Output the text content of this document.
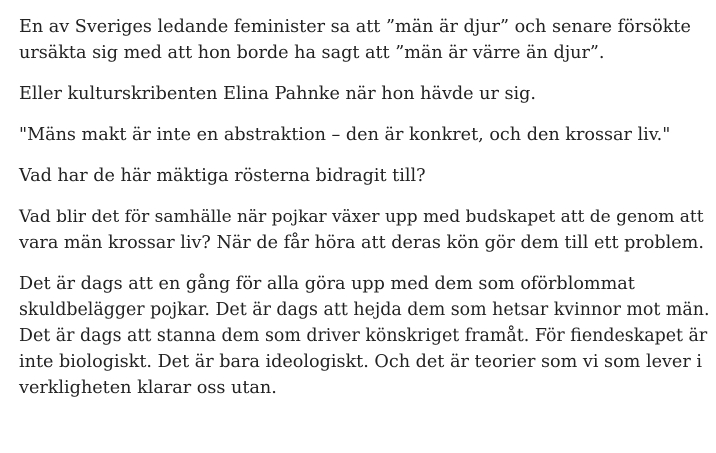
En av Sveriges ledande feminister sa att ”män är djur” och senare försökte
ursäkta sig med att hon borde ha sagt att ”män är värre än djur”.

Eller kulturskribenten Elina Pahnke när hon hävde ur sig.

"Mäns makt är inte en abstraktion – den är konkret, och den krossar liv."

Vad har de här mäktiga rösterna bidragit till?

Vad blir det för samhälle när pojkar växer upp med budskapet att de genom att
vara män krossar liv? När de får höra att deras kön gör dem till ett problem.

Det är dags att en gång för alla göra upp med dem som oförblommat
skuldbelägger pojkar. Det är dags att hejda dem som hetsar kvinnor mot män.
Det är dags att stanna dem som driver könskriget framåt. För fiendeskapet är
inte biologiskt. Det är bara ideologiskt. Och det är teorier som vi som lever i
verkligheten klarar oss utan.
